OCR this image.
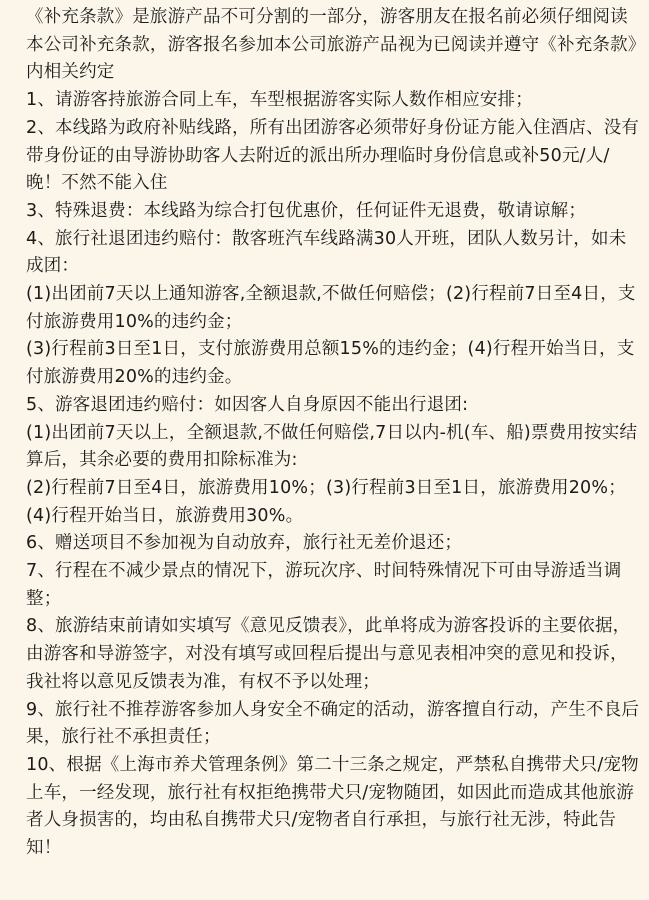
《补充条款》是旅游产品不可分割的一部分，游客朋友在报名前必须仔细阅读本公司补充条款，游客报名参加本公司旅游产品视为已阅读并遵守《补充条款》内相关约定

1、请游客持旅游合同上车，车型根据游客实际人数作相应安排；

2、本线路为政府补贴线路，所有出团游客必须带好身份证方能入住酒店、没有带身份证的由导游协助客人去附近的派出所办理临时身份信息或补50元/人/晚！不然不能入住

3、特殊退费：本线路为综合打包优惠价，任何证件无退费，敬请谅解；

4、旅行社退团违约赔付：散客班汽车线路满30人开班，团队人数另计，如未成团：

(1)出团前7天以上通知游客,全额退款,不做任何赔偿；(2)行程前7日至4日，支付旅游费用10%的违约金；

(3)行程前3日至1日，支付旅游费用总额15%的违约金；(4)行程开始当日，支付旅游费用20%的违约金。

5、游客退团违约赔付：如因客人自身原因不能出行退团:

(1)出团前7天以上，全额退款,不做任何赔偿,7日以内-机(车、船)票费用按实结算后，其余必要的费用扣除标准为:

(2)行程前7日至4日，旅游费用10%；(3)行程前3日至1日，旅游费用20%；(4)行程开始当日，旅游费用30%。

6、赠送项目不参加视为自动放弃，旅行社无差价退还；

7、行程在不减少景点的情况下，游玩次序、时间特殊情况下可由导游适当调整；

8、旅游结束前请如实填写《意见反馈表》，此单将成为游客投诉的主要依据，由游客和导游签字，对没有填写或回程后提出与意见表相冲突的意见和投诉，我社将以意见反馈表为准，有权不予以处理；

9、旅行社不推荐游客参加人身安全不确定的活动，游客擅自行动，产生不良后果，旅行社不承担责任；

10、根据《上海市养犬管理条例》第二十三条之规定，严禁私自携带犬只/宠物上车，一经发现，旅行社有权拒绝携带犬只/宠物随团，如因此而造成其他旅游者人身损害的，均由私自携带犬只/宠物者自行承担，与旅行社无涉，特此告知！
